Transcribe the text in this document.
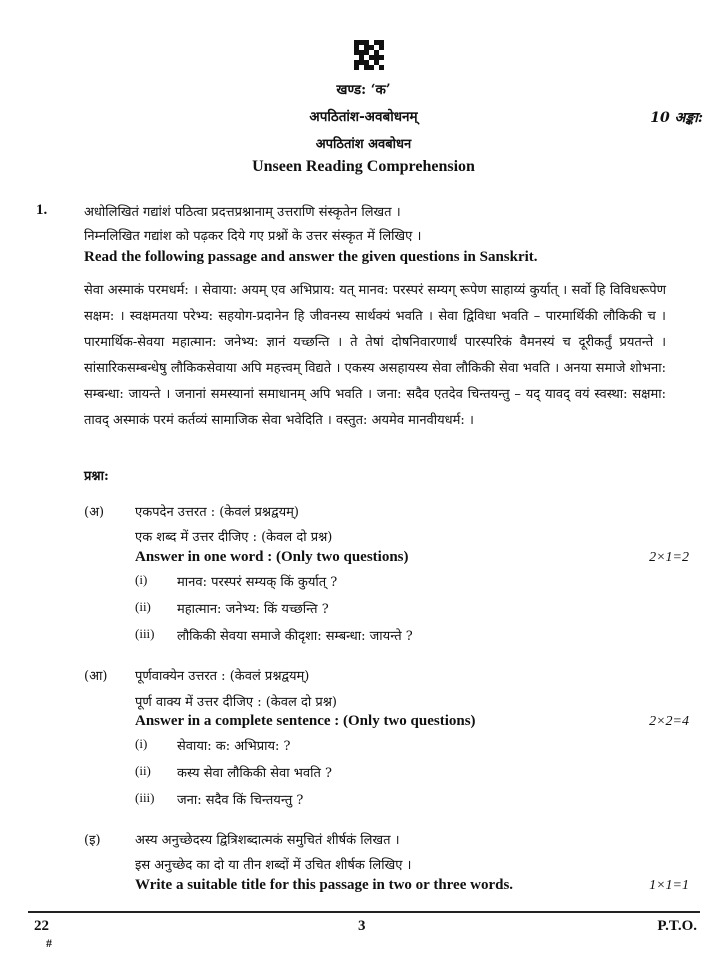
खण्ड: ‘क’
अपठितांश-अवबोधनम्	10 अङ्का:
अपठितांश अवबोधन
Unseen Reading Comprehension
1.	अधोलिखितं गद्यांशं पठित्वा प्रदत्तप्रश्नानाम् उत्तराणि संस्कृतेन लिखत ।
निम्नलिखित गद्यांश को पढ़कर दिये गए प्रश्नों के उत्तर संस्कृत में लिखिए ।
Read the following passage and answer the given questions in Sanskrit.
सेवा अस्माकं परमधर्म: । सेवाया: अयम् एव अभिप्राय: यत् मानव: परस्परं सम्यग् रूपेण साहाय्यं कुर्यात् । सर्वो हि विविधरूपेण सक्षम: । स्वक्षमतया परेभ्य: सहयोग-प्रदानेन हि जीवनस्य सार्थक्यं भवति । सेवा द्विविधा भवति – पारमार्थिकी लौकिकी च । पारमार्थिक-सेवया महात्मान: जनेभ्य: ज्ञानं यच्छन्ति । ते तेषां दोषनिवारणार्थं पारस्परिकं वैमनस्यं च दूरीकर्तुं प्रयतन्ते । सांसारिकसम्बन्धेषु लौकिकसेवाया अपि महत्त्वम् विद्यते । एकस्य असहायस्य सेवा लौकिकी सेवा भवति । अनया समाजे शोभना: सम्बन्धा: जायन्ते । जनानां समस्यानां समाधानम् अपि भवति । जना: सदैव एतदेव चिन्तयन्तु – यद् यावद् वयं स्वस्था: सक्षमा: तावद् अस्माकं परमं कर्तव्यं सामाजिक सेवा भवेदिति । वस्तुत: अयमेव मानवीयधर्म: ।
प्रश्ना:
(अ) एकपदेन उत्तरत : (केवलं प्रश्नद्वयम्)
एक शब्द में उत्तर दीजिए : (केवल दो प्रश्न)
Answer in one word : (Only two questions)	2×1=2
(i) मानव: परस्परं सम्यक् किं कुर्यात् ?
(ii) महात्मान: जनेभ्य: किं यच्छन्ति ?
(iii) लौकिकी सेवया समाजे कीदृशा: सम्बन्धा: जायन्ते ?
(आ) पूर्णवाक्येन उत्तरत : (केवलं प्रश्नद्वयम्)
पूर्ण वाक्य में उत्तर दीजिए : (केवल दो प्रश्न)
Answer in a complete sentence : (Only two questions)	2×2=4
(i) सेवाया: क: अभिप्राय: ?
(ii) कस्य सेवा लौकिकी सेवा भवति ?
(iii) जना: सदैव किं चिन्तयन्तु ?
(इ)	अस्य अनुच्छेदस्य द्वित्रिशब्दात्मकं समुचितं शीर्षकं लिखत ।
इस अनुच्छेद का दो या तीन शब्दों में उचित शीर्षक लिखिए ।
Write a suitable title for this passage in two or three words.	1×1=1
22
#
3	P.T.O.
